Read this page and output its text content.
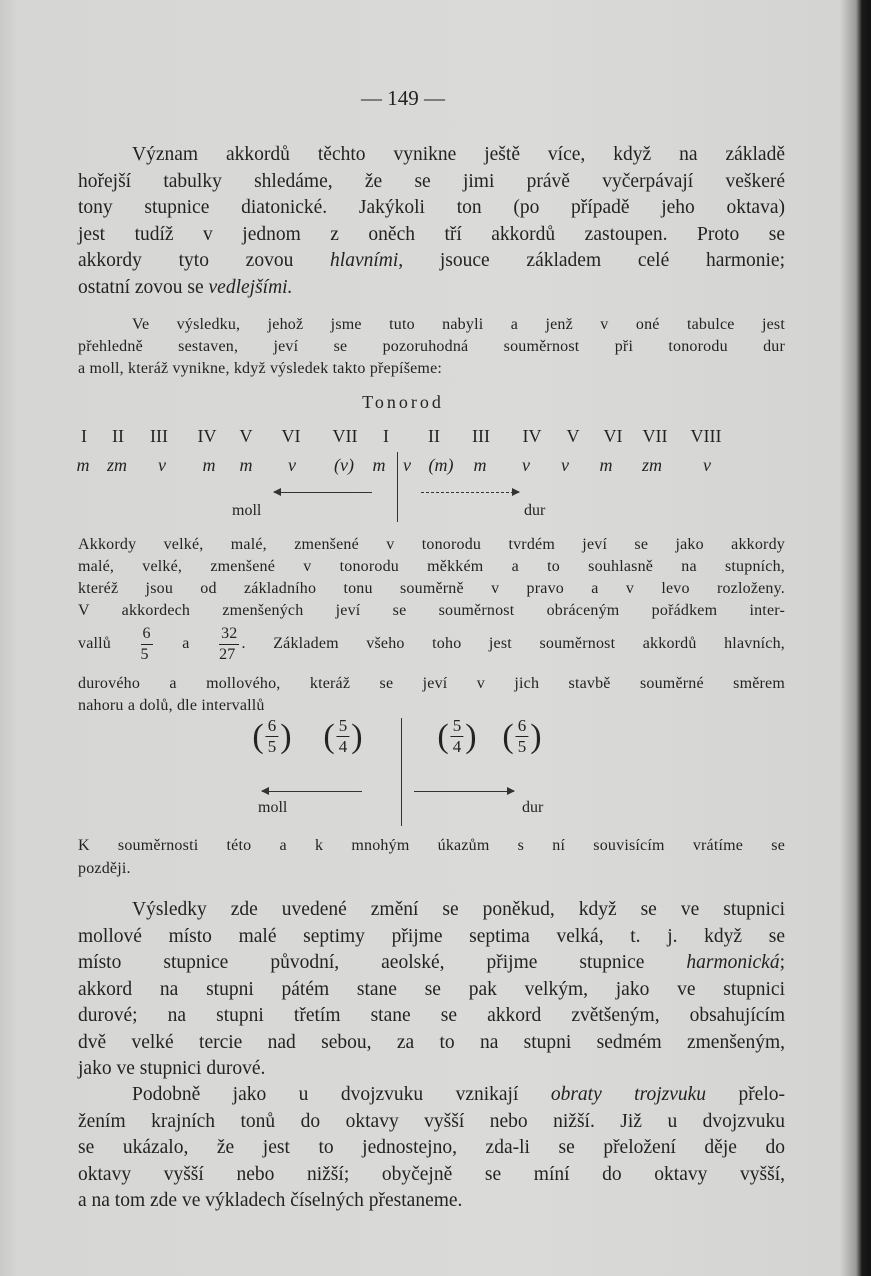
— 149 —
Význam akkordů těchto vynikne ještě více, když na základě
hořejší tabulky shledáme, že se jimi právě vyčerpávají veškeré
tony stupnice diatonické. Jakýkoli ton (po případě jeho oktava)
jest tudíž v jednom z oněch tří akkordů zastoupen. Proto se
akkordy tyto zovou hlavními, jsouce základem celé harmonie;
ostatní zovou se vedlejšími.
Ve výsledku, jehož jsme tuto nabyli a jenž v oné tabulce jest
přehledně sestaven, jeví se pozoruhodná souměrnost při tonorodu dur
a moll, kteráž vynikne, když výsledek takto přepíšeme:
Tonorod
I II III IV V VI VII I II III IV V VI VII VIII
m zm v m m v (v) m v (m) m v v m zm v
moll	dur
Akkordy velké, malé, zmenšené v tonorodu tvrdém jeví se jako akkordy
malé, velké, zmenšené v tonorodu měkkém a to souhlasně na stupních,
kteréž jsou od základního tonu souměrně v pravo a v levo rozloženy.
V akkordech zmenšených jeví se souměrnost obráceným pořádkem inter-
vallů $\frac{6}{5}$ a $\frac{32}{27}$ . Základem všeho toho jest souměrnost akkordů hlavních,
durového a mollového, kteráž se jeví v jich stavbě souměrné směrem
nahoru a dolů, dle intervallů
( $\frac{6}{5}$ ) ( $\frac{5}{4}$ ) ( $\frac{5}{4}$ ) ( $\frac{6}{5}$ )
moll	dur
K souměrnosti této a k mnohým úkazům s ní souvisícím vrátíme se
později.
Výsledky zde uvedené změní se poněkud, když se ve stupnici
mollové místo malé septimy přijme septima velká, t. j. když se
místo stupnice původní, aeolské, přijme stupnice harmonická;
akkord na stupni pátém stane se pak velkým, jako ve stupnici
durové; na stupni třetím stane se akkord zvětšeným, obsahujícím
dvě velké tercie nad sebou, za to na stupni sedmém zmenšeným,
jako ve stupnici durové.
Podobně jako u dvojzvuku vznikají obraty trojzvuku přelo-
žením krajních tonů do oktavy vyšší nebo nižší. Již u dvojzvuku
se ukázalo, že jest to jednostejno, zda-li se přeložení děje do
oktavy vyšší nebo nižší; obyčejně se míní do oktavy vyšší,
a na tom zde ve výkladech číselných přestaneme.
